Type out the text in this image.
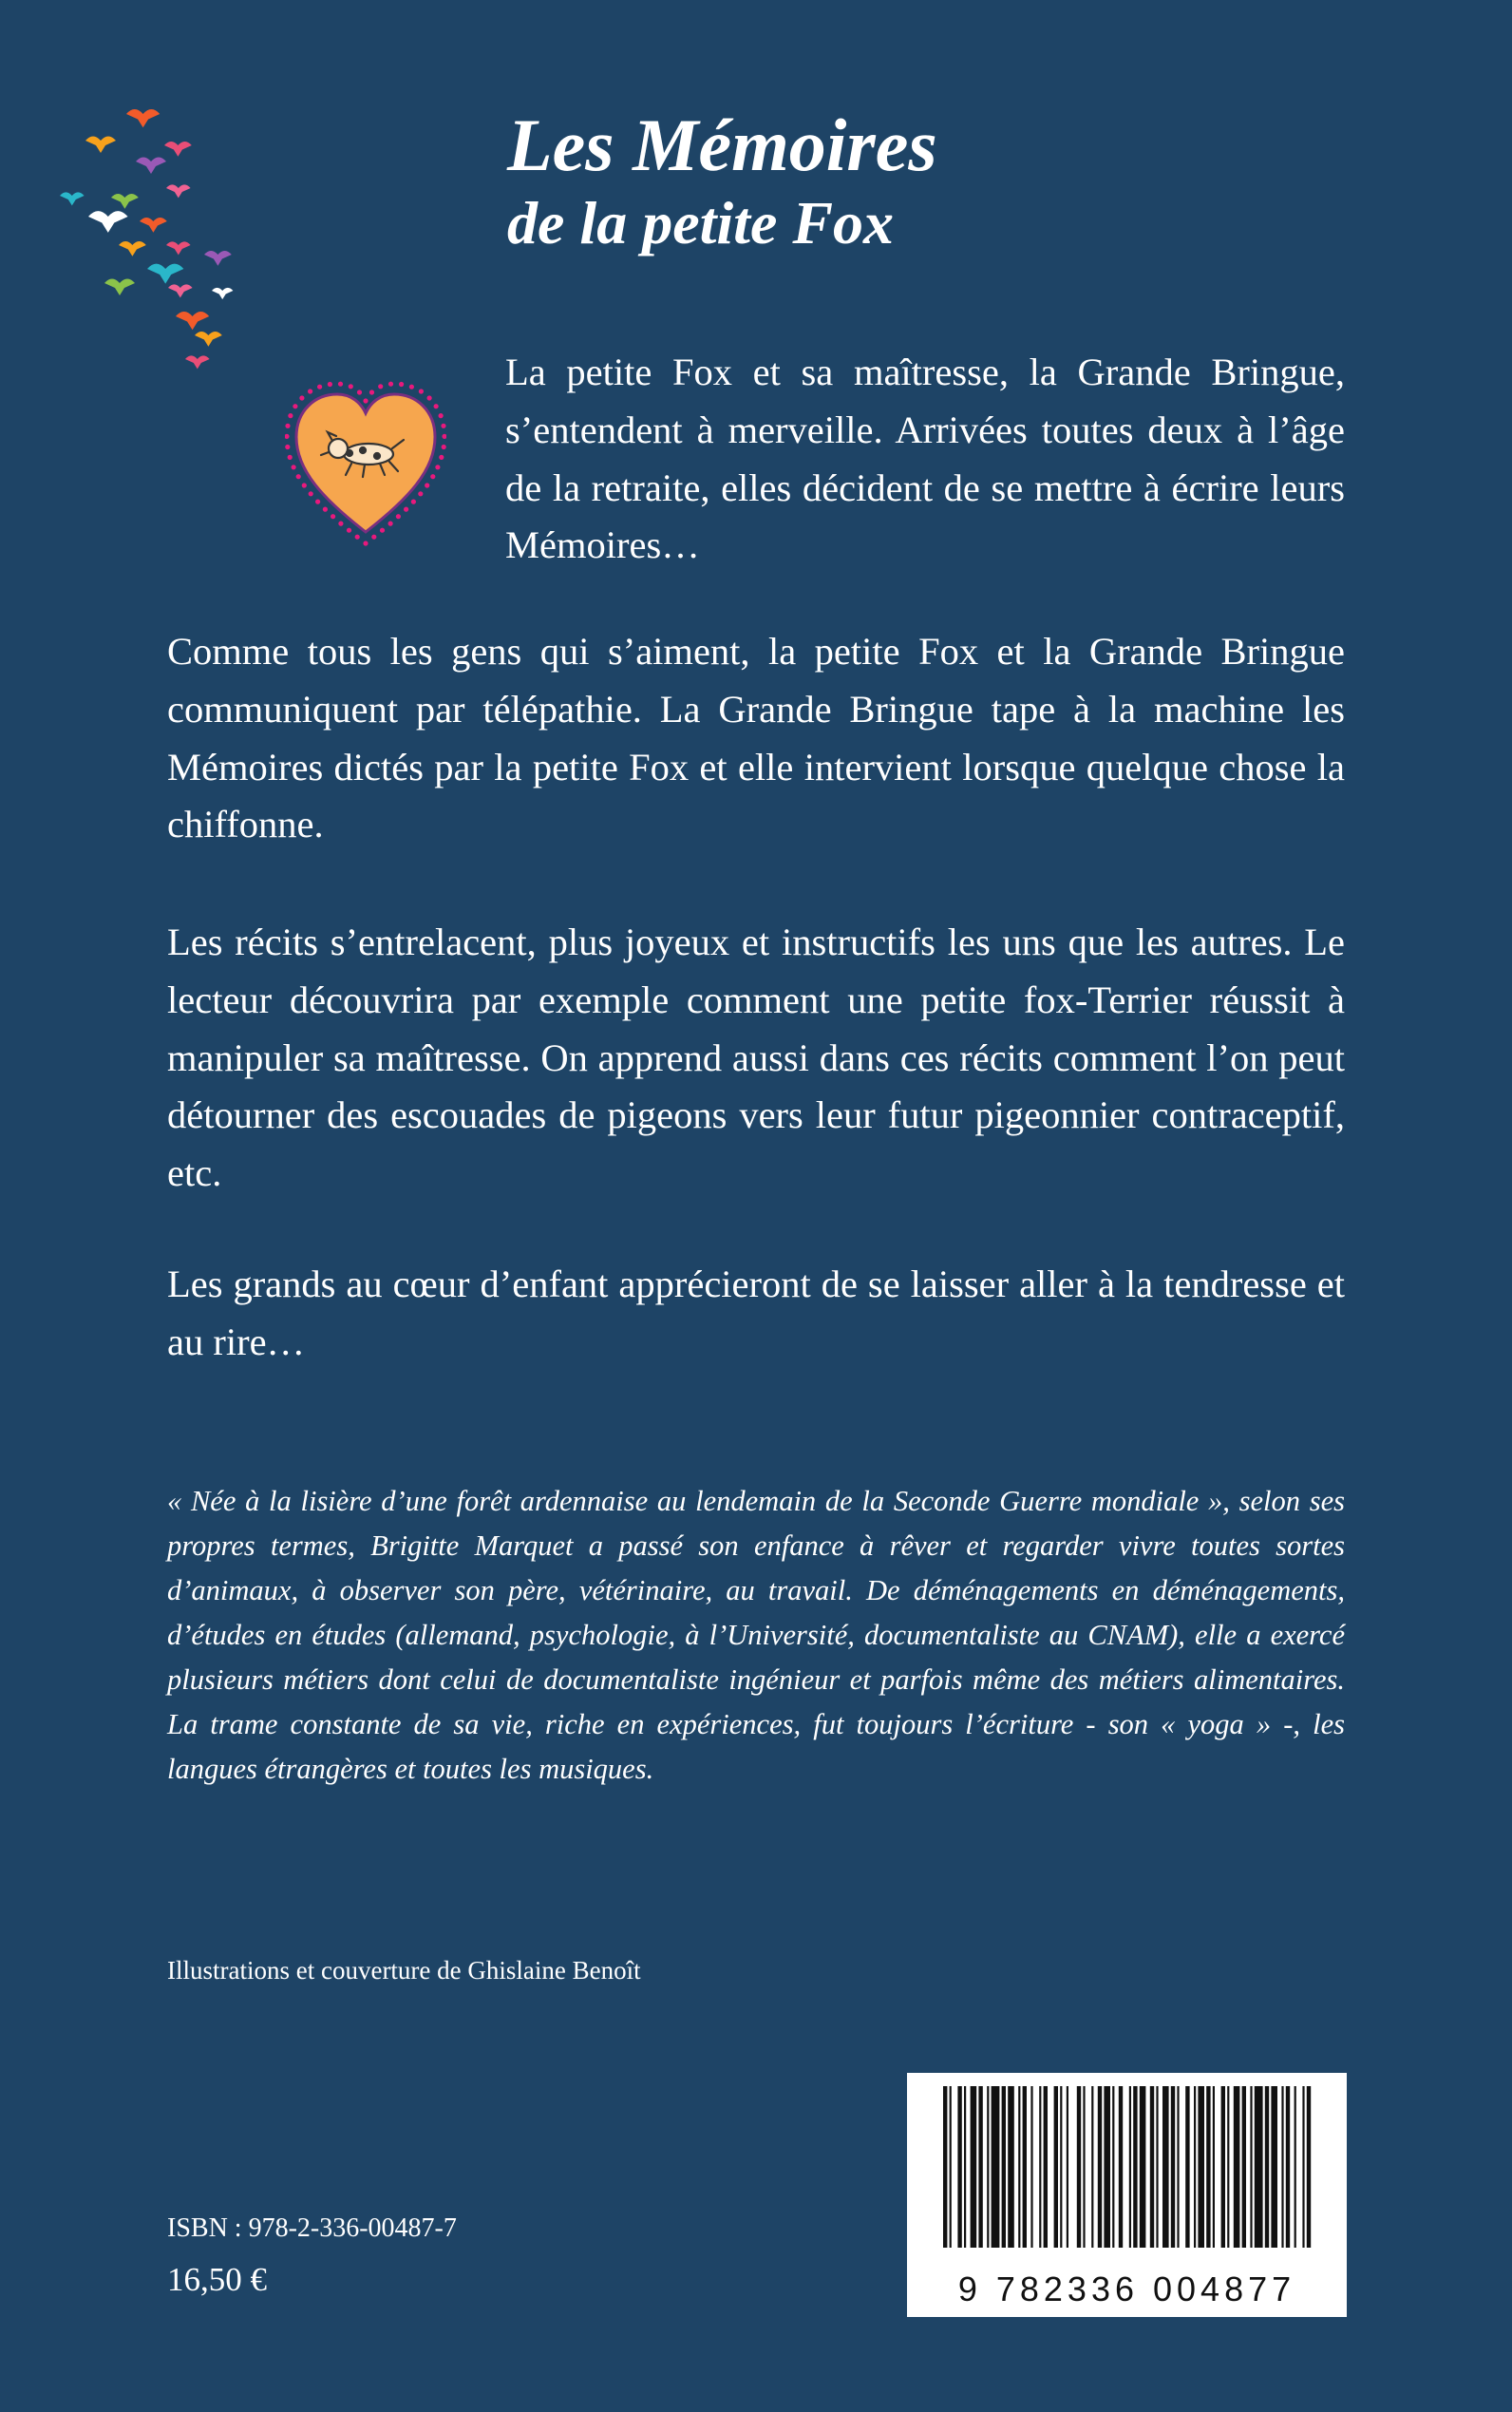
Les Mémoires
de la petite Fox

La petite Fox et sa maîtresse, la Grande Bringue, s’entendent à merveille. Arrivées toutes deux à l’âge de la retraite, elles décident de se mettre à écrire leurs Mémoires…

Comme tous les gens qui s’aiment, la petite Fox et la Grande Bringue communiquent par télépathie. La Grande Bringue tape à la machine les Mémoires dictés par la petite Fox et elle intervient lorsque quelque chose la chiffonne.

Les récits s’entrelacent, plus joyeux et instructifs les uns que les autres. Le lecteur découvrira par exemple comment une petite fox-Terrier réussit à manipuler sa maîtresse. On apprend aussi dans ces récits comment l’on peut détourner des escouades de pigeons vers leur futur pigeonnier contraceptif, etc.

Les grands au cœur d’enfant apprécieront de se laisser aller à la tendresse et au rire…

« Née à la lisière d’une forêt ardennaise au lendemain de la Seconde Guerre mondiale », selon ses propres termes, Brigitte Marquet a passé son enfance à rêver et regarder vivre toutes sortes d’animaux, à observer son père, vétérinaire, au travail. De déménagements en déménagements, d’études en études (allemand, psychologie, à l’Université, documentaliste au CNAM), elle a exercé plusieurs métiers dont celui de documentaliste ingénieur et parfois même des métiers alimentaires. La trame constante de sa vie, riche en expériences, fut toujours l’écriture - son « yoga » -, les langues étrangères et toutes les musiques.

Illustrations et couverture de Ghislaine Benoît

ISBN : 978-2-336-00487-7

16,50 €	9 782336 004877
